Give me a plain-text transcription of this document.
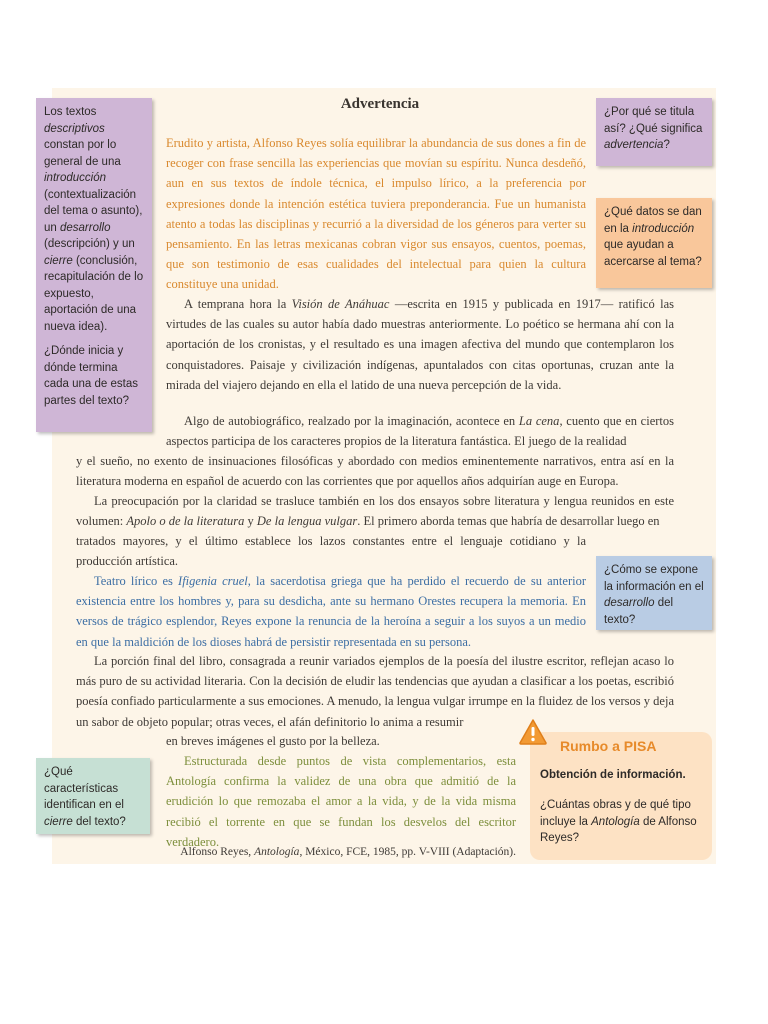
Advertencia

Erudito y artista, Alfonso Reyes solía equilibrar la abundancia de sus dones a fin de recoger con frase sencilla las experiencias que movían su espíritu. Nunca desdeñó, aun en sus textos de índole técnica, el impulso lírico, a la preferencia por expresiones donde la intención estética tuviera preponderancia. Fue un humanista atento a todas las disciplinas y recurrió a la diversidad de los géneros para verter su pensamiento. En las letras mexicanas cobran vigor sus ensayos, cuentos, poemas, que son testimonio de esas cualidades del intelectual para quien la cultura constituye una unidad.

A temprana hora la Visión de Anáhuac —escrita en 1915 y publicada en 1917— ratificó las virtudes de las cuales su autor había dado muestras anteriormente. Lo poético se hermana ahí con la aportación de los cronistas, y el resultado es una imagen afectiva del mundo que contemplaron los conquistadores. Paisaje y civilización indígenas, apuntalados con citas oportunas, cruzan ante la mirada del viajero dejando en ella el latido de una nueva percepción de la vida.

Algo de autobiográfico, realzado por la imaginación, acontece en La cena, cuento que en ciertos aspectos participa de los caracteres propios de la literatura fantástica. El juego de la realidad

y el sueño, no exento de insinuaciones filosóficas y abordado con medios eminentemente narrativos, entra así en la literatura moderna en español de acuerdo con las corrientes que por aquellos años adquirían auge en Europa.

La preocupación por la claridad se trasluce también en los dos ensayos sobre literatura y lengua reunidos en este volumen: Apolo o de la literatura y De la lengua vulgar. El primero aborda temas que habría de desarrollar luego en

tratados mayores, y el último establece los lazos constantes entre el lenguaje cotidiano y la producción artística.

Teatro lírico es Ifigenia cruel, la sacerdotisa griega que ha perdido el recuerdo de su anterior existencia entre los hombres y, para su desdicha, ante su hermano Orestes recupera la memoria. En versos de trágico esplendor, Reyes expone la renuncia de la heroína a seguir a los suyos a un medio en que la maldición de los dioses habrá de persistir representada en su persona.

La porción final del libro, consagrada a reunir variados ejemplos de la poesía del ilustre escritor, reflejan acaso lo más puro de su actividad literaria. Con la decisión de eludir las tendencias que ayudan a clasificar a los poetas, escribió poesía confiado particularmente a sus emociones. A menudo, la lengua vulgar irrumpe en la fluidez de los versos y deja un sabor de objeto popular; otras veces, el afán definitorio lo anima a resumir

en breves imágenes el gusto por la belleza.

Estructurada desde puntos de vista complementarios, esta Antología confirma la validez de una obra que admitió de la erudición lo que remozaba el amor a la vida, y de la vida misma recibió el torrente en que se fundan los desvelos del escritor verdadero.

Alfonso Reyes, Antología, México, FCE, 1985, pp. V-VIII (Adaptación).

Los textos descriptivos constan por lo general de una introducción (contextualización del tema o asunto), un desarrollo (descripción) y un cierre (conclusión, recapitulación de lo expuesto, aportación de una nueva idea).

¿Dónde inicia y dónde termina cada una de estas partes del texto?

¿Por qué se titula así? ¿Qué significa advertencia?

¿Qué datos se dan en la introducción que ayudan a acercarse al tema?

¿Cómo se expone la información en el desarrollo del texto?

¿Qué características identifican en el cierre del texto?

Rumbo a PISA

Obtención de información.

¿Cuántas obras y de qué tipo incluye la Antología de Alfonso Reyes?
